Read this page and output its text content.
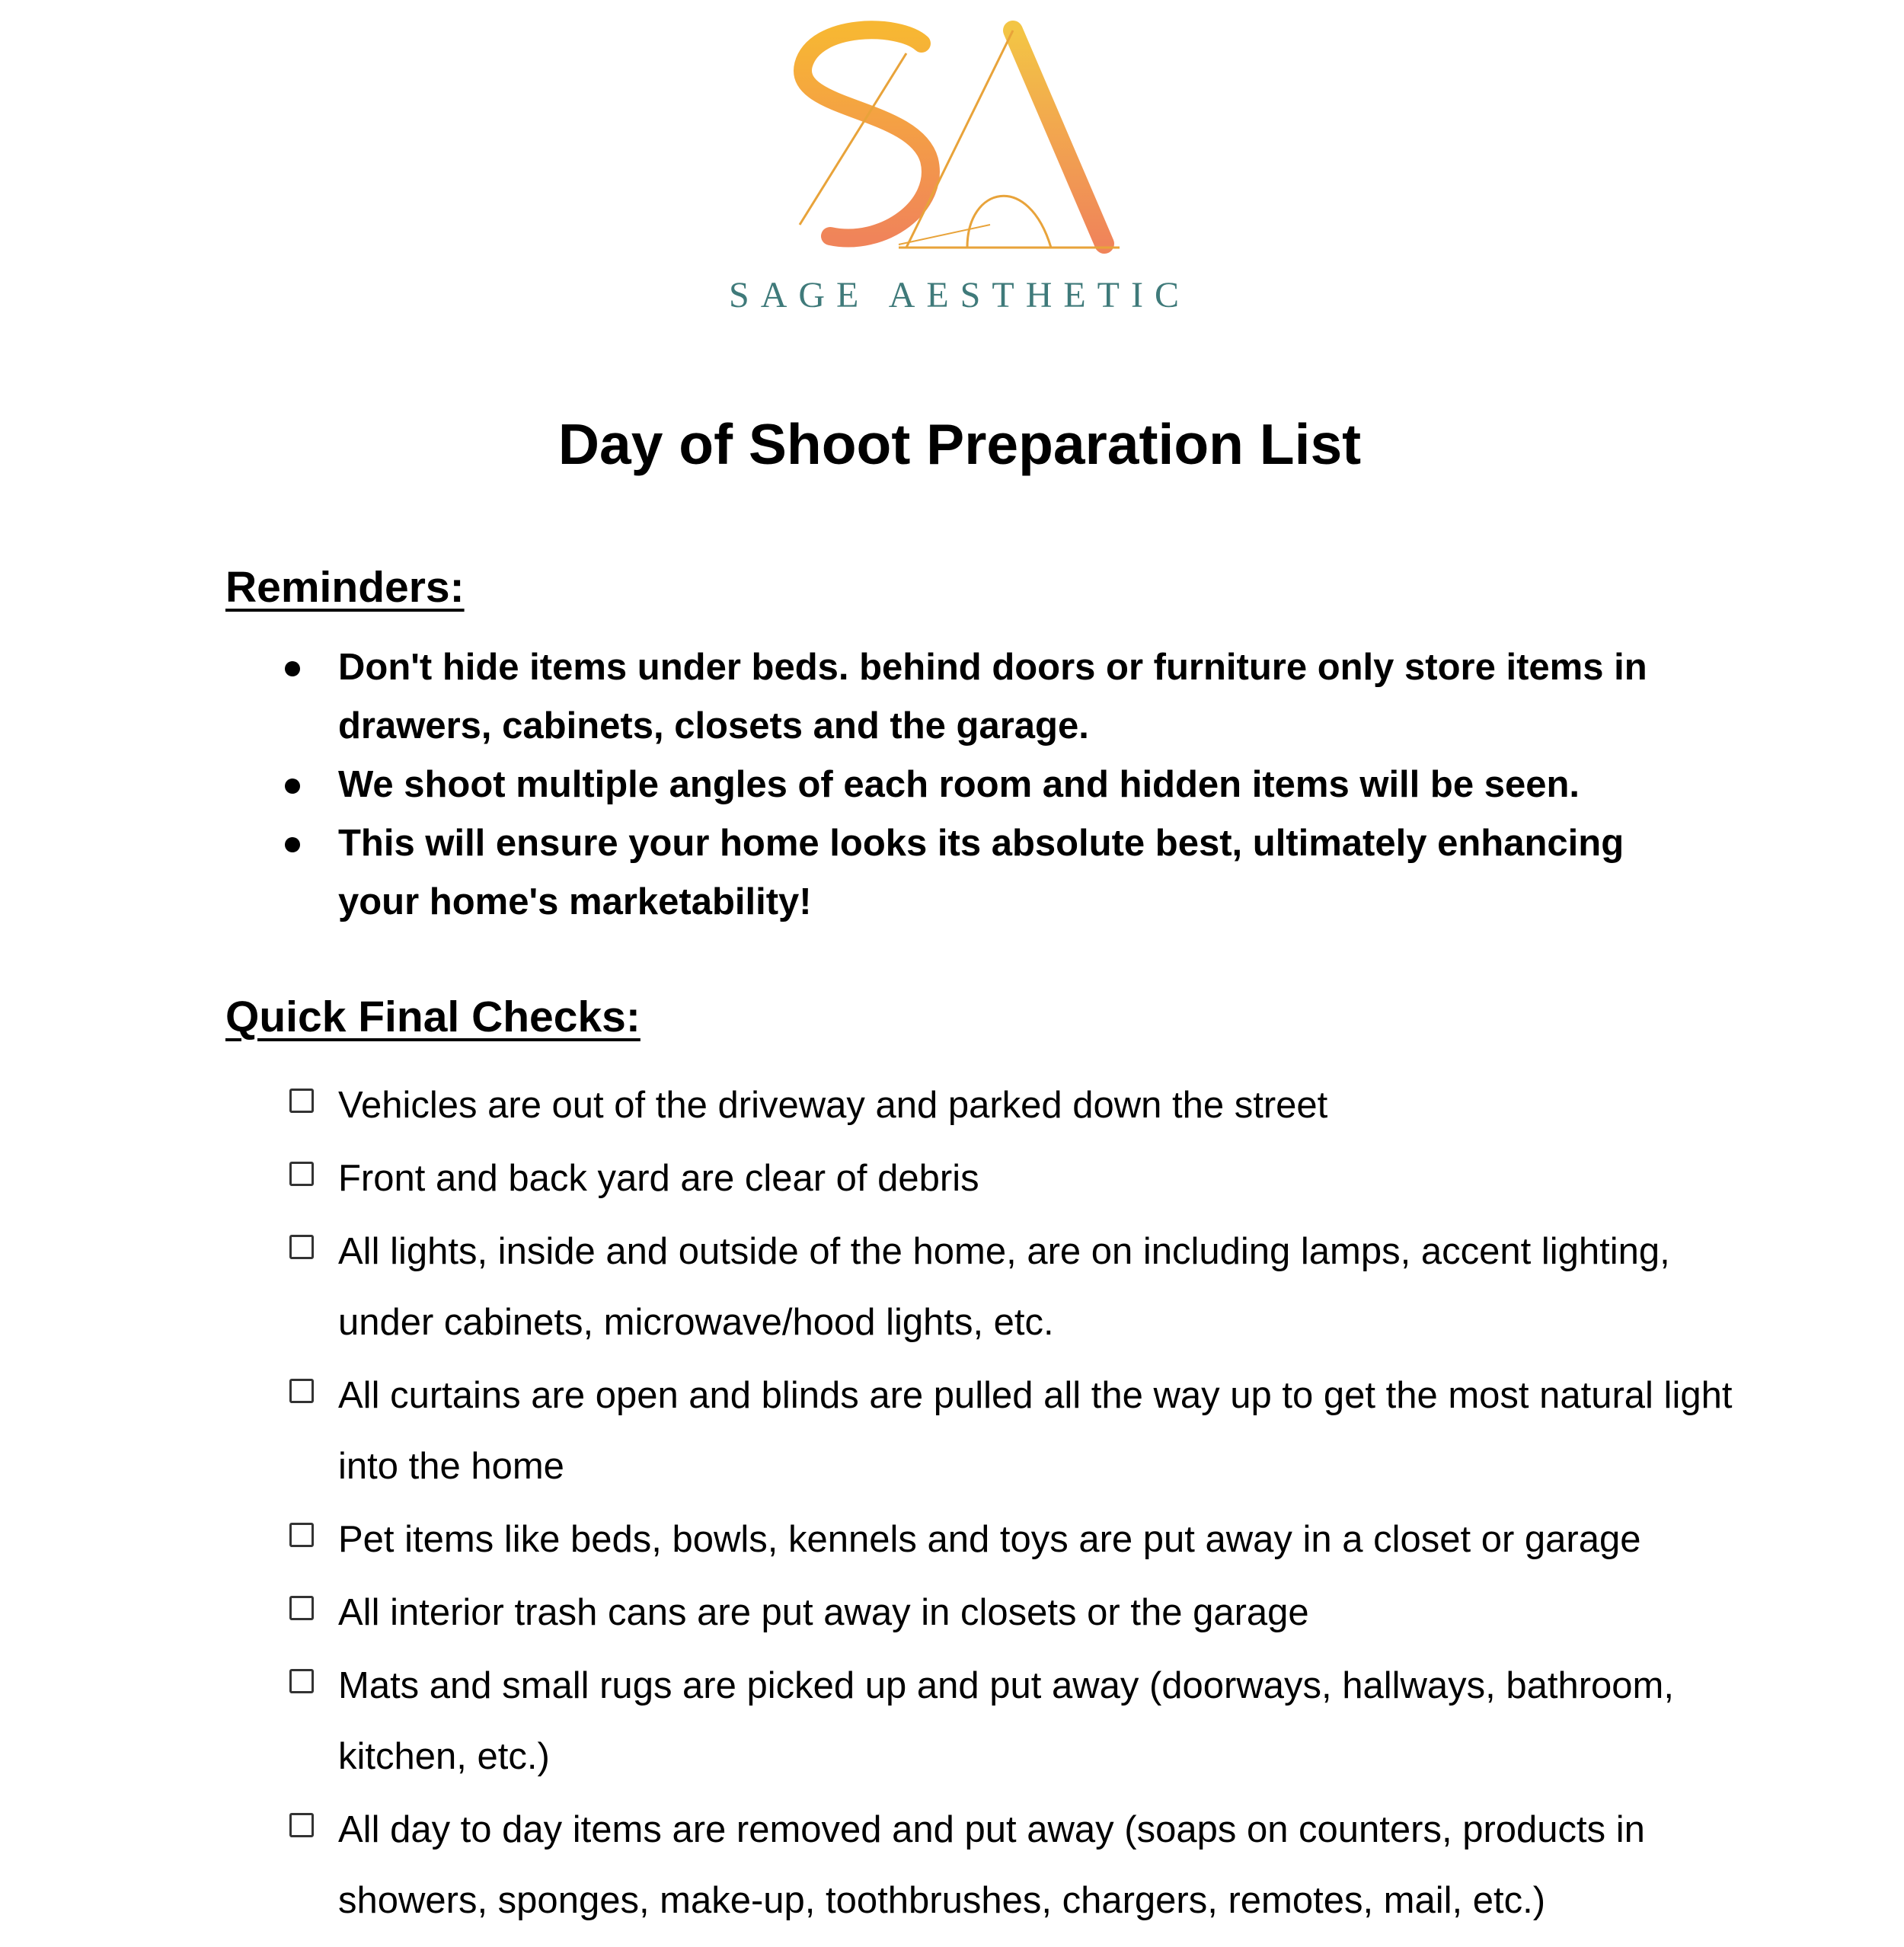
SAGE AESTHETIC
Day of Shoot Preparation List
Reminders:
Don't hide items under beds. behind doors or furniture only store items in drawers, cabinets, closets and the garage.
We shoot multiple angles of each room and hidden items will be seen.
This will ensure your home looks its absolute best, ultimately enhancing your home's marketability!
Quick Final Checks:
Vehicles are out of the driveway and parked down the street
Front and back yard are clear of debris
All lights, inside and outside of the home, are on including lamps, accent lighting, under cabinets, microwave/hood lights, etc.
All curtains are open and blinds are pulled all the way up to get the most natural light into the home
Pet items like beds, bowls, kennels and toys are put away in a closet or garage
All interior trash cans are put away in closets or the garage
Mats and small rugs are picked up and put away (doorways, hallways, bathroom, kitchen, etc.)
All day to day items are removed and put away (soaps on counters, products in showers, sponges, make-up, toothbrushes, chargers, remotes, mail, etc.)
